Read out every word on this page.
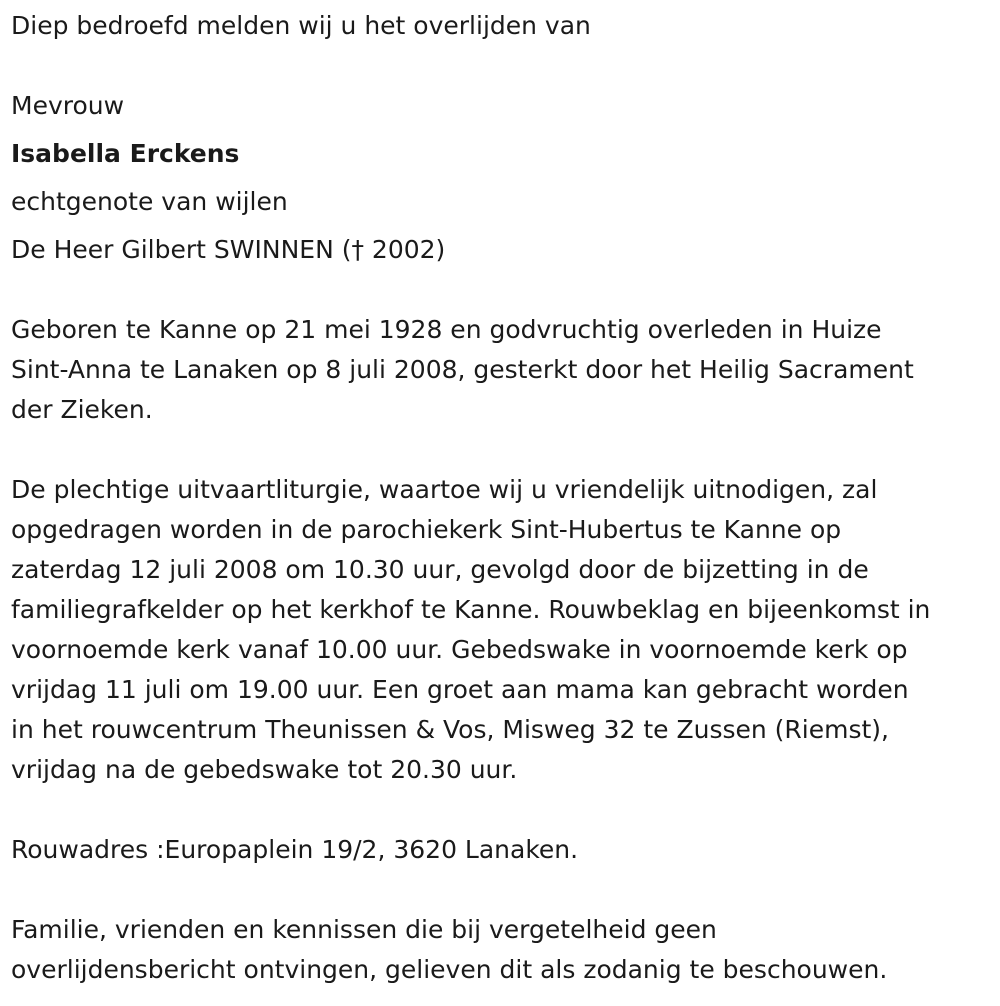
Diep bedroefd melden wij u het overlijden van

Mevrouw

Isabella Erckens

echtgenote van wijlen

De Heer Gilbert SWINNEN († 2002)

Geboren te Kanne op 21 mei 1928 en godvruchtig overleden in Huize
Sint-Anna te Lanaken op 8 juli 2008, gesterkt door het Heilig Sacrament
der Zieken.
De plechtige uitvaartliturgie, waartoe wij u vriendelijk uitnodigen, zal
opgedragen worden in de parochiekerk Sint-Hubertus te Kanne op
zaterdag 12 juli 2008 om 10.30 uur, gevolgd door de bijzetting in de
familiegrafkelder op het kerkhof te Kanne. Rouwbeklag en bijeenkomst in
voornoemde kerk vanaf 10.00 uur. Gebedswake in voornoemde kerk op
vrijdag 11 juli om 19.00 uur. Een groet aan mama kan gebracht worden
in het rouwcentrum Theunissen & Vos, Misweg 32 te Zussen (Riemst),
vrijdag na de gebedswake tot 20.30 uur.
Rouwadres :Europaplein 19/2, 3620 Lanaken.
Familie, vrienden en kennissen die bij vergetelheid geen
overlijdensbericht ontvingen, gelieven dit als zodanig te beschouwen.
